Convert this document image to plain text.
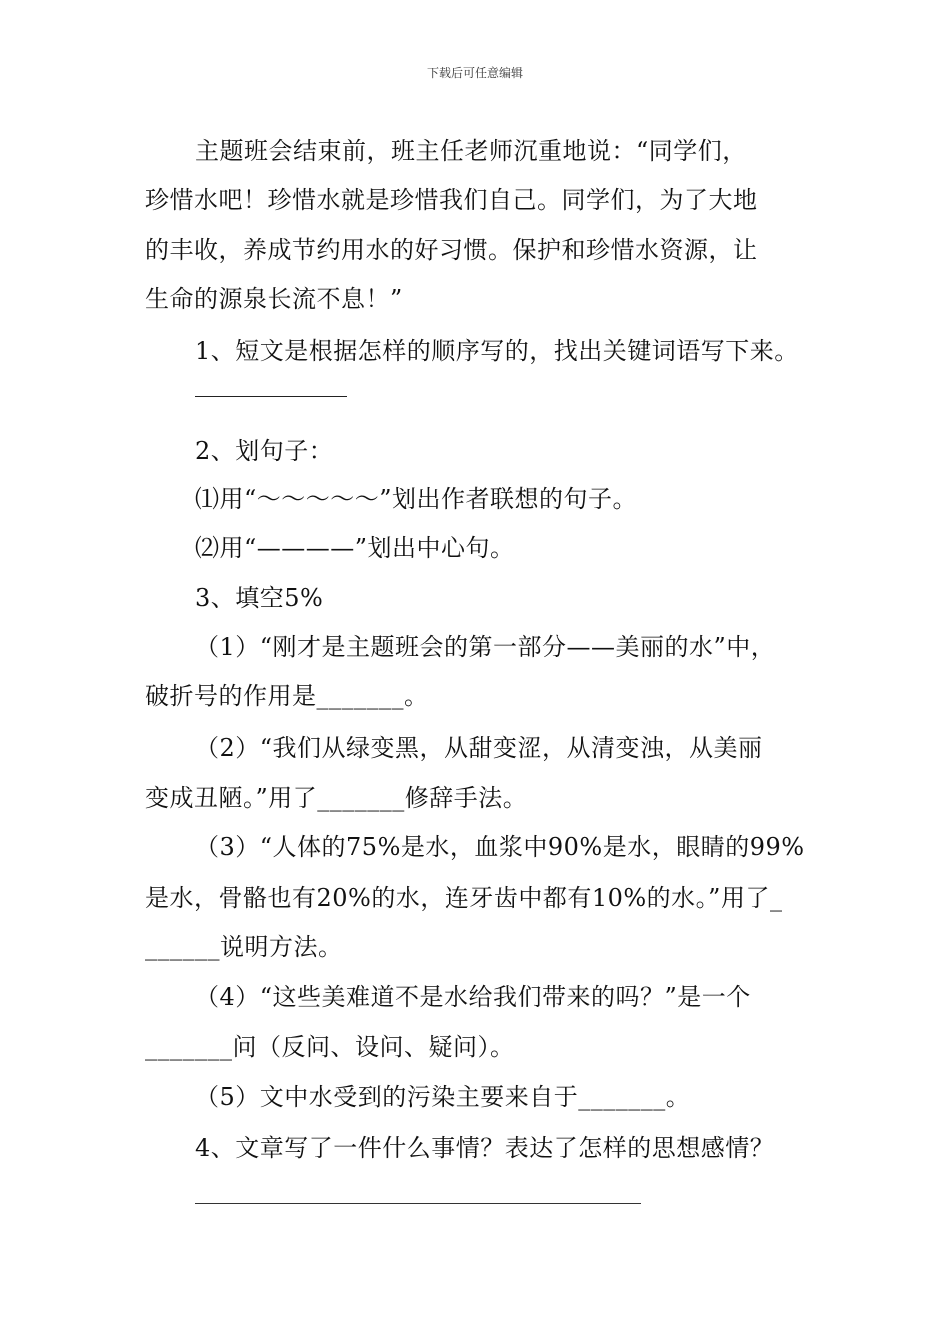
下载后可任意编辑
主题班会结束前，班主任老师沉重地说：“同学们，
珍惜水吧！珍惜水就是珍惜我们自己。同学们，为了大地
的丰收，养成节约用水的好习惯。保护和珍惜水资源，让
生命的源泉长流不息！”
1、短文是根据怎样的顺序写的，找出关键词语写下来。
2、划句子：
⑴用“～～～～～”划出作者联想的句子。
⑵用“————”划出中心句。
3、填空5%
（1）“刚才是主题班会的第一部分——美丽的水”中，
破折号的作用是_______。
（2）“我们从绿变黑，从甜变涩，从清变浊，从美丽
变成丑陋。”用了_______修辞手法。
（3）“人体的75%是水，血浆中90%是水，眼睛的99%
是水，骨骼也有20%的水，连牙齿中都有10%的水。”用了_
______说明方法。
（4）“这些美难道不是水给我们带来的吗？”是一个
_______问（反问、设问、疑问）。
（5）文中水受到的污染主要来自于_______。
4、文章写了一件什么事情？表达了怎样的思想感情？
